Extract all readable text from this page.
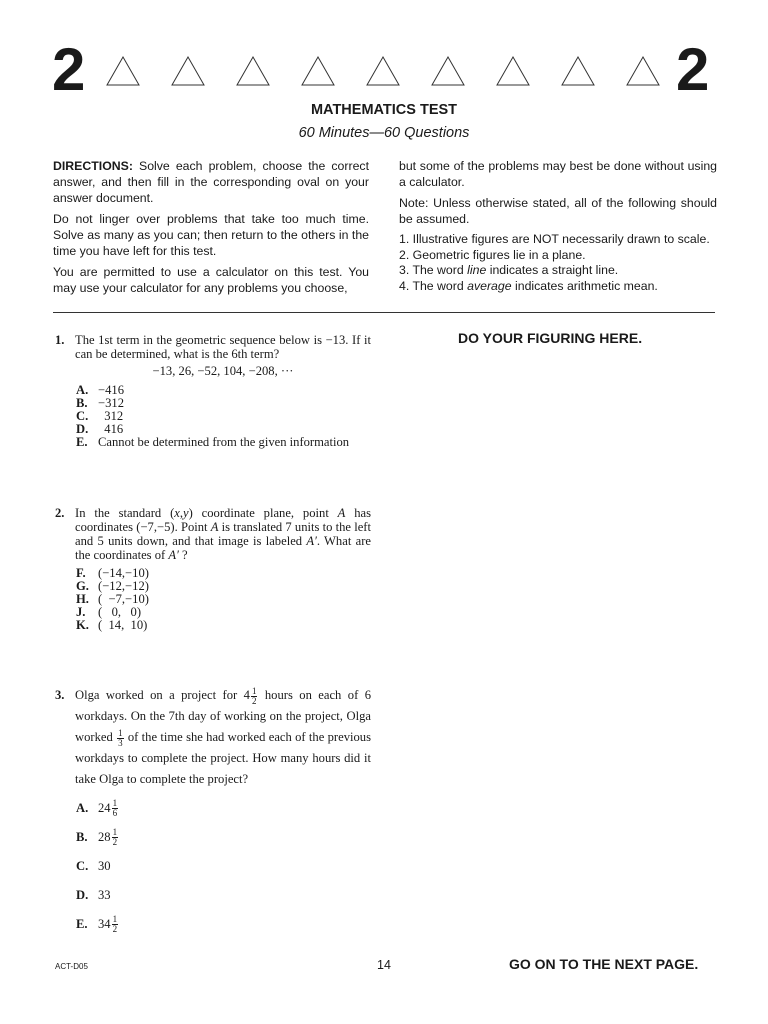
2	2
MATHEMATICS TEST
60 Minutes—60 Questions

DIRECTIONS: Solve each problem, choose the correct answer, and then fill in the corresponding oval on your answer document.

Do not linger over problems that take too much time. Solve as many as you can; then return to the others in the time you have left for this test.

You are permitted to use a calculator on this test. You may use your calculator for any problems you choose,

but some of the problems may best be done without using a calculator.

Note: Unless otherwise stated, all of the following should be assumed.

1. Illustrative figures are NOT necessarily drawn to scale.
2. Geometric figures lie in a plane.
3. The word line indicates a straight line.
4. The word average indicates arithmetic mean.
DO YOUR FIGURING HERE.
1. The 1st term in the geometric sequence below is −13. If it can be determined, what is the 6th term?
−13, 26, −52, 104, −208, ···
A. −416
B. −312
C.  312
D.  416
E. Cannot be determined from the given information
2. In the standard (x,y) coordinate plane, point A has coordinates (−7,−5). Point A is translated 7 units to the left and 5 units down, and that image is labeled A′. What are the coordinates of A′ ?
F. (−14,−10)
G. (−12,−12)
H. (  −7,−10)
J. (   0,   0)
K. (  14,  10)
3. Olga worked on a project for $4 \frac{1}{2}$ hours on each of 6 workdays. On the 7th day of working on the project, Olga worked $\frac{1}{3}$ of the time she had worked each of the previous workdays to complete the project. How many hours did it take Olga to complete the project?
A. $24 \frac{1}{6}$
B. $28 \frac{1}{2}$
C. 30
D. 33
E. $34 \frac{1}{2}$
ACT-D05	14	GO ON TO THE NEXT PAGE.
